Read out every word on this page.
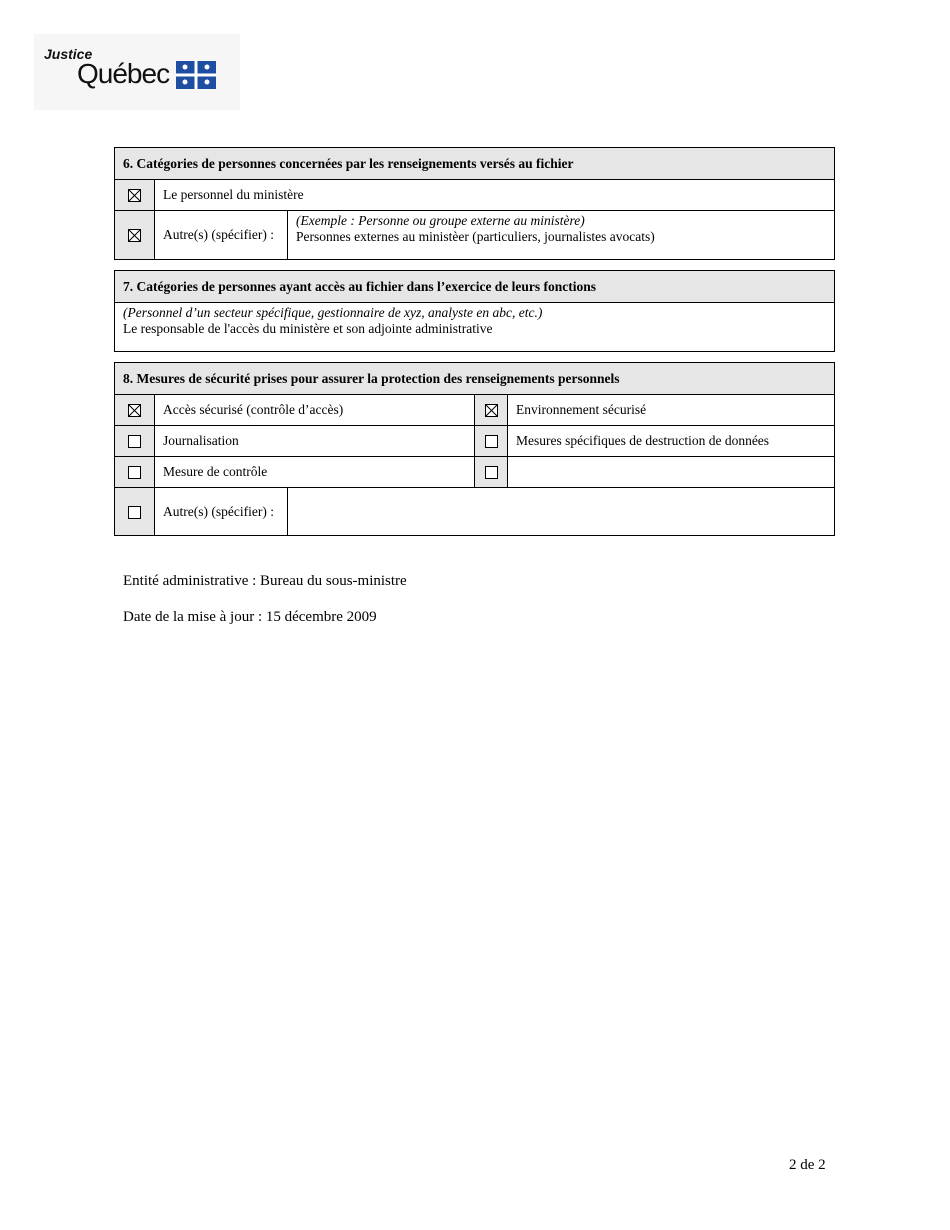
Justice
Québec
6. Catégories de personnes concernées par les renseignements versés au fichier		

	Le personnel du ministère	

	Autre(s) (spécifier) :	(Exemple : Personne ou groupe externe au ministère)
Personnes externes au ministèer (particuliers, journalistes avocats)
7. Catégories de personnes ayant accès au fichier dans l’exercice de leurs fonctions

(Personnel d’un secteur spécifique, gestionnaire de xyz, analyste en abc, etc.)
Le responsable de l'accès du ministère et son adjointe administrative
8. Mesures de sécurité prises pour assurer la protection des renseignements personnels				

	Accès sécurisé (contrôle d’accès)			Environnement sécurisé
	Journalisation			Mesures spécifiques de destruction de données
	Mesure de contrôle			
	Autre(s) (spécifier) :			
Entité administrative : Bureau du sous-ministre
Date de la mise à jour : 15 décembre 2009
2 de 2
